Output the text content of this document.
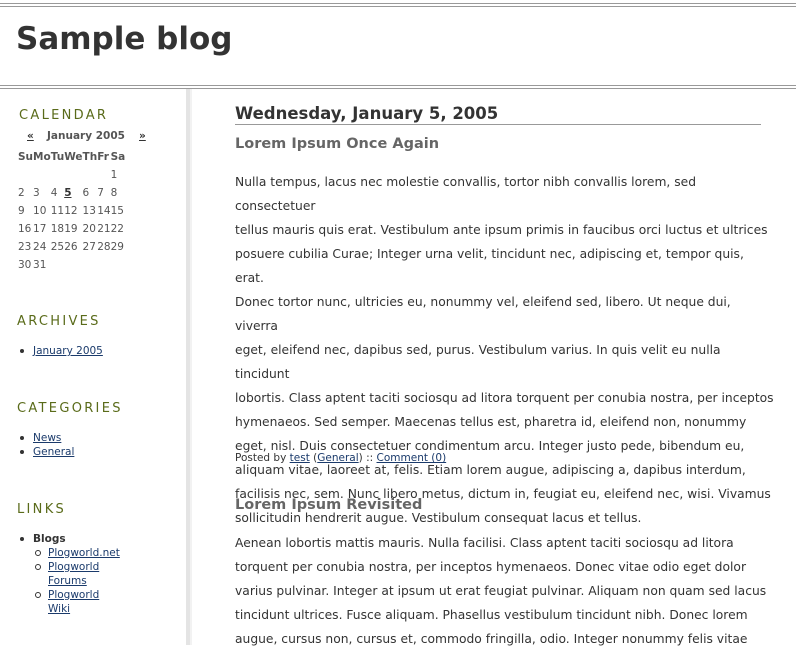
Sample blog
CALENDAR
« January 2005 »
Su	Mo	Tu	We	Th	Fr	Sa
						1
2	3	4	5	6	7	8
9	10	11	12	13	14	15
16	17	18	19	20	21	22
23	24	25	26	27	28	29
30	31					
ARCHIVES
January 2005
CATEGORIES
News
General
LINKS
Blogs
Plogworld.net
Plogworld Forums
Plogworld Wiki
Wednesday, January 5, 2005
Lorem Ipsum Once Again
Nulla tempus, lacus nec molestie convallis, tortor nibh convallis lorem, sed consectetuer
tellus mauris quis erat. Vestibulum ante ipsum primis in faucibus orci luctus et ultrices
posuere cubilia Curae; Integer urna velit, tincidunt nec, adipiscing et, tempor quis, erat.
Donec tortor nunc, ultricies eu, nonummy vel, eleifend sed, libero. Ut neque dui, viverra
eget, eleifend nec, dapibus sed, purus. Vestibulum varius. In quis velit eu nulla tincidunt
lobortis. Class aptent taciti sociosqu ad litora torquent per conubia nostra, per inceptos
hymenaeos. Sed semper. Maecenas tellus est, pharetra id, eleifend non, nonummy
eget, nisl. Duis consectetuer condimentum arcu. Integer justo pede, bibendum eu,
aliquam vitae, laoreet at, felis. Etiam lorem augue, adipiscing a, dapibus interdum,
facilisis nec, sem. Nunc libero metus, dictum in, feugiat eu, eleifend nec, wisi. Vivamus
sollicitudin hendrerit augue. Vestibulum consequat lacus et tellus.
Posted by test (General) :: Comment (0)
Lorem Ipsum Revisited
Aenean lobortis mattis mauris. Nulla facilisi. Class aptent taciti sociosqu ad litora
torquent per conubia nostra, per inceptos hymenaeos. Donec vitae odio eget dolor
varius pulvinar. Integer at ipsum ut erat feugiat pulvinar. Aliquam non quam sed lacus
tincidunt ultrices. Fusce aliquam. Phasellus vestibulum tincidunt nibh. Donec lorem
augue, cursus non, cursus et, commodo fringilla, odio. Integer nonummy felis vitae
